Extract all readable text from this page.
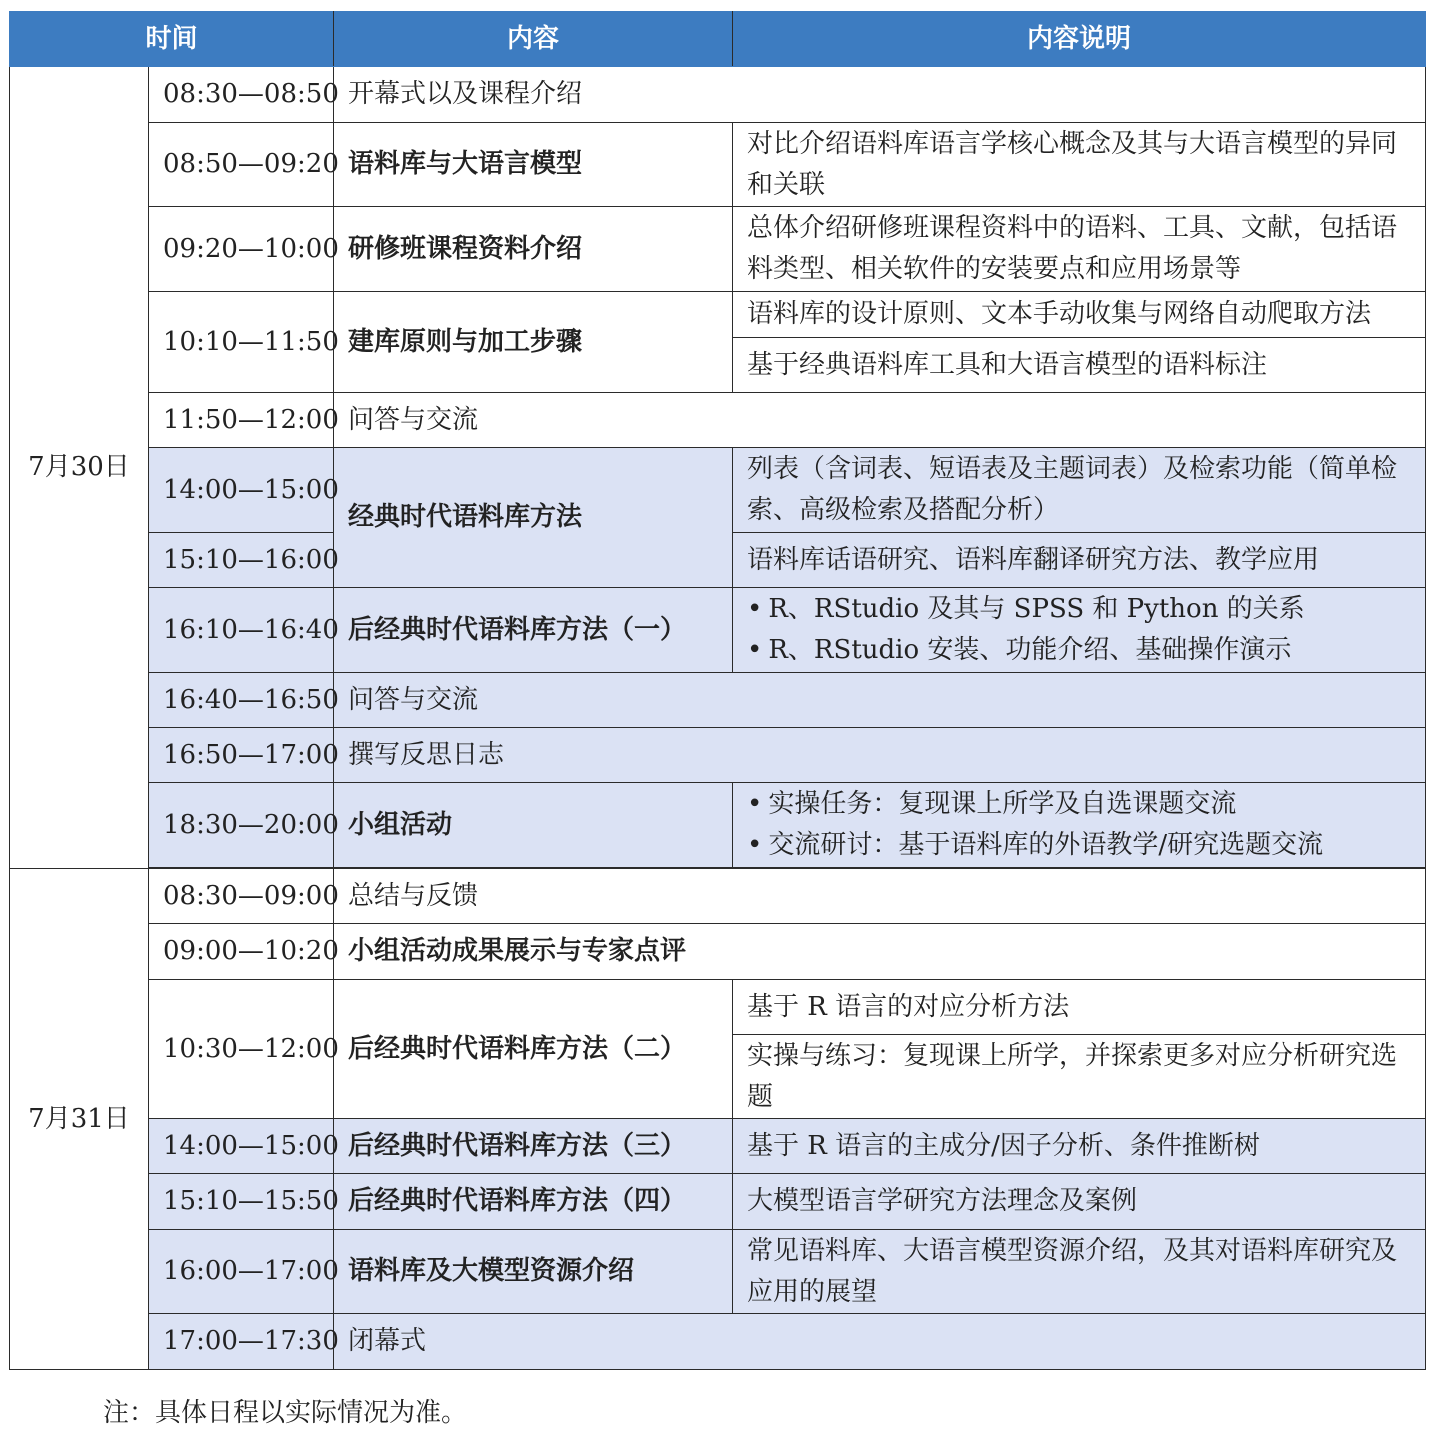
时间		内容	内容说明
7月30日	08:30—08:50	开幕式以及课程介绍	
	08:50—09:20	语料库与大语言模型	对比介绍语料库语言学核心概念及其与大语言模型的异同和关联
	09:20—10:00	研修班课程资料介绍	总体介绍研修班课程资料中的语料、工具、文献，包括语料类型、相关软件的安装要点和应用场景等
	10:10—11:50	建库原则与加工步骤	语料库的设计原则、文本手动收集与网络自动爬取方法
			基于经典语料库工具和大语言模型的语料标注
	11:50—12:00	问答与交流	
	14:00—15:00	经典时代语料库方法	列表（含词表、短语表及主题词表）及检索功能（简单检索、高级检索及搭配分析）
	15:10—16:00		语料库话语研究、语料库翻译研究方法、教学应用
	16:10—16:40	后经典时代语料库方法（一）	• R、RStudio 及其与 SPSS 和 Python 的关系
• R、RStudio 安装、功能介绍、基础操作演示

	16:40—16:50	问答与交流	
	16:50—17:00	撰写反思日志	
	18:30—20:00	小组活动	• 实操任务：复现课上所学及自选课题交流
• 交流研讨：基于语料库的外语教学/研究选题交流

7月31日	08:30—09:00	总结与反馈	
	09:00—10:20	小组活动成果展示与专家点评	
	10:30—12:00	后经典时代语料库方法（二）	基于 R 语言的对应分析方法
			实操与练习：复现课上所学，并探索更多对应分析研究选题
	14:00—15:00	后经典时代语料库方法（三）	基于 R 语言的主成分/因子分析、条件推断树
	15:10—15:50	后经典时代语料库方法（四）	大模型语言学研究方法理念及案例
	16:00—17:00	语料库及大模型资源介绍	常见语料库、大语言模型资源介绍，及其对语料库研究及应用的展望
	17:00—17:30	闭幕式	
注：具体日程以实际情况为准。
